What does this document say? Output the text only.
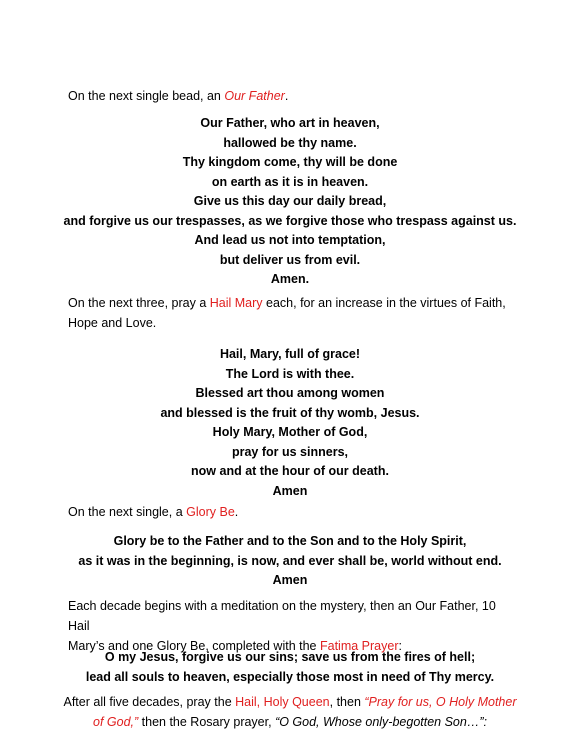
On the next single bead, an Our Father.

Our Father, who art in heaven,
hallowed be thy name.
Thy kingdom come, thy will be done
on earth as it is in heaven.
Give us this day our daily bread,
and forgive us our trespasses, as we forgive those who trespass against us.
And lead us not into temptation,
but deliver us from evil.
Amen.

On the next three, pray a Hail Mary each, for an increase in the virtues of Faith,
Hope and Love.

Hail, Mary, full of grace!
The Lord is with thee.
Blessed art thou among women
and blessed is the fruit of thy womb, Jesus.
Holy Mary, Mother of God,
pray for us sinners,
now and at the hour of our death.
Amen

On the next single, a Glory Be.

Glory be to the Father and to the Son and to the Holy Spirit,
as it was in the beginning, is now, and ever shall be, world without end.
Amen

Each decade begins with a meditation on the mystery, then an Our Father, 10 Hail
Mary’s and one Glory Be, completed with the Fatima Prayer:

O my Jesus, forgive us our sins; save us from the fires of hell;
lead all souls to heaven, especially those most in need of Thy mercy.

After all five decades, pray the Hail, Holy Queen, then “Pray for us, O Holy Mother
of God,” then the Rosary prayer, “O God, Whose only-begotten Son…”:
